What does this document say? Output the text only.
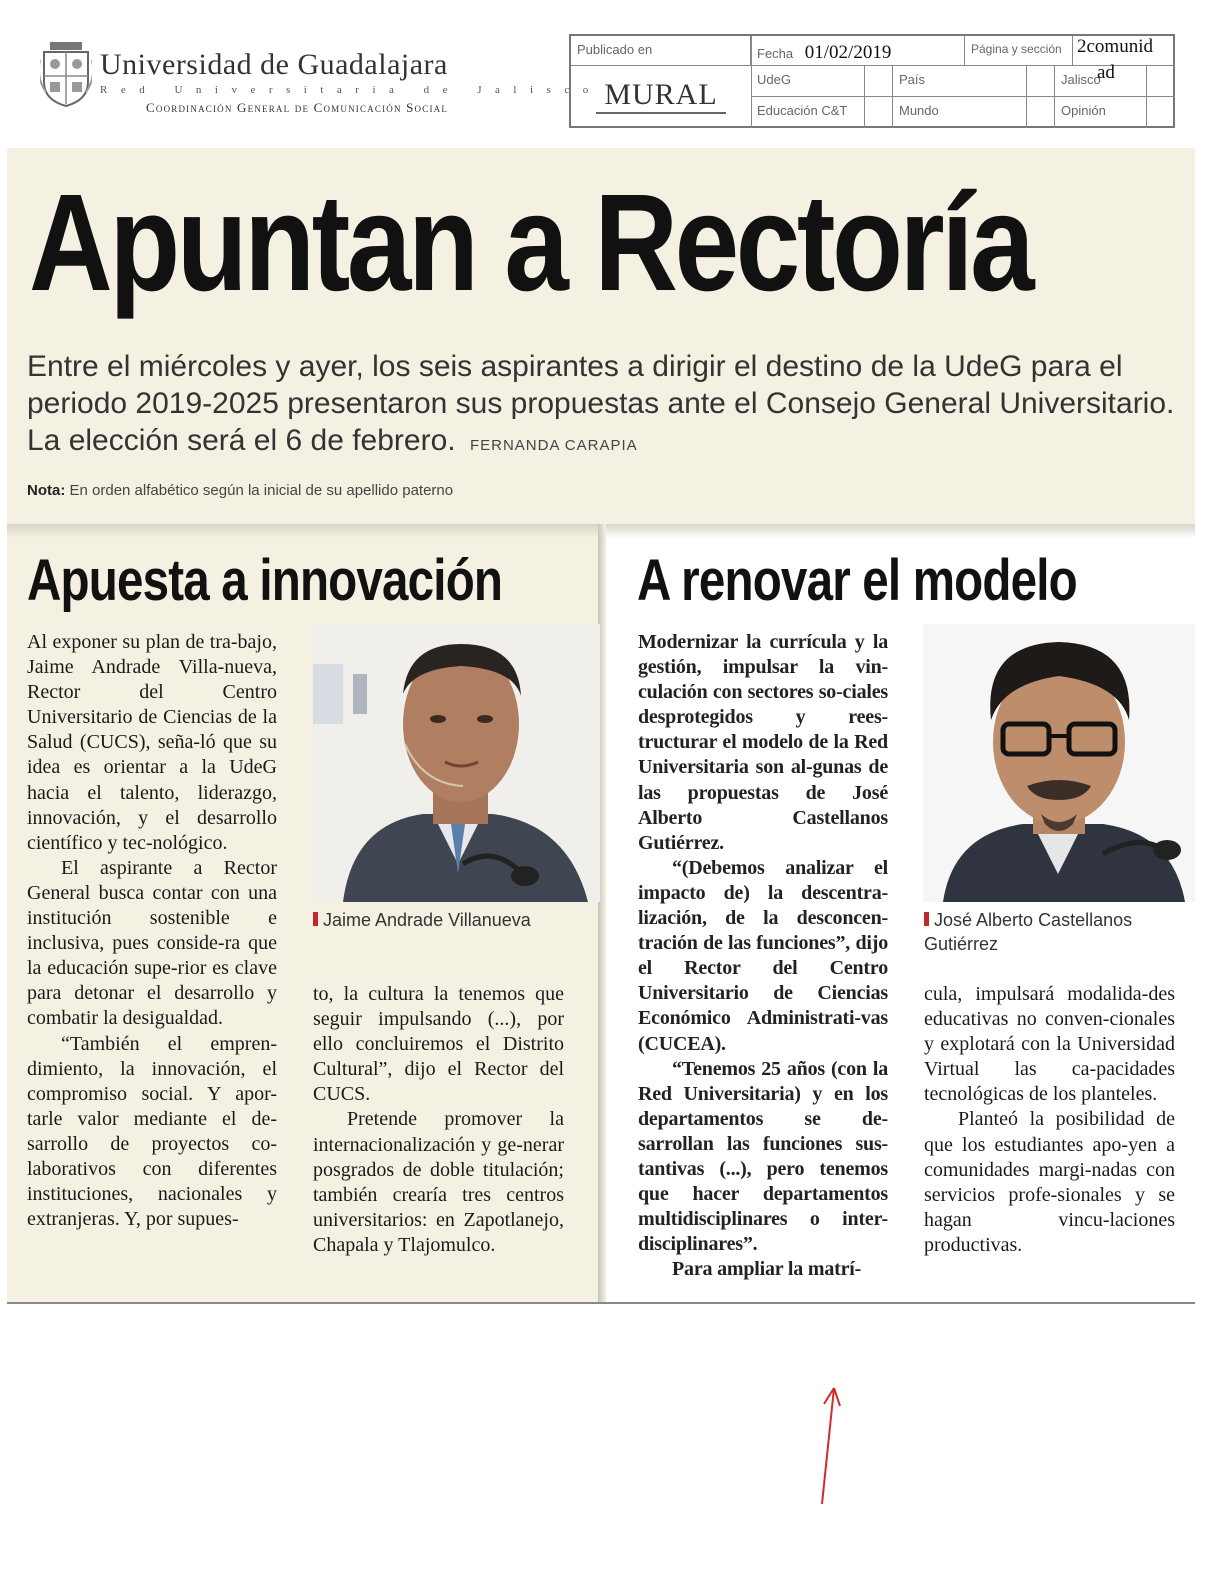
Universidad de Guadalajara
Red Universitaria de Jalisco
Coordinación General de Comunicación Social
Publicado en
MURAL
Fecha 01/02/2019	Página y sección 2comunid
UdeG	País	Jalisco
ad
Educación C&T	Mundo	Opinión
Apuntan a Rectoría

Entre el miércoles y ayer, los seis aspirantes a dirigir el destino de la UdeG para el periodo 2019-2025 presentaron sus propuestas ante el Consejo General Universitario. La elección será el 6 de febrero. FERNANDA CARAPIA

Nota: En orden alfabético según la inicial de su apellido paterno
Apuesta a innovación

Al exponer su plan de tra-bajo, Jaime Andrade Villa-nueva, Rector del Centro Universitario de Ciencias de la Salud (CUCS), seña-ló que su idea es orientar a la UdeG hacia el talento, liderazgo, innovación, y el desarrollo científico y tec-nológico.

El aspirante a Rector General busca contar con una institución sostenible e inclusiva, pues conside-ra que la educación supe-rior es clave para detonar el desarrollo y combatir la desigualdad.

“También el empren-dimiento, la innovación, el compromiso social. Y apor-tarle valor mediante el de-sarrollo de proyectos co-laborativos con diferentes instituciones, nacionales y extranjeras. Y, por supues-

Jaime Andrade Villanueva

to, la cultura la tenemos que seguir impulsando (...), por ello concluiremos el Distrito Cultural”, dijo el Rector del CUCS.

Pretende promover la internacionalización y ge-nerar posgrados de doble titulación; también crearía tres centros universitarios: en Zapotlanejo, Chapala y Tlajomulco.

A renovar el modelo

Modernizar la currícula y la gestión, impulsar la vin-culación con sectores so-ciales desprotegidos y rees-tructurar el modelo de la Red Universitaria son al-gunas de las propuestas de José Alberto Castellanos Gutiérrez.

“(Debemos analizar el impacto de) la descentra-lización, de la desconcen-tración de las funciones”, dijo el Rector del Centro Universitario de Ciencias Económico Administrati-vas (CUCEA).

“Tenemos 25 años (con la Red Universitaria) y en los departamentos se de-sarrollan las funciones sus-tantivas (...), pero tenemos que hacer departamentos multidisciplinares o inter-disciplinares”.

Para ampliar la matrí-

José Alberto Castellanos Gutiérrez

cula, impulsará modalida-des educativas no conven-cionales y explotará con la Universidad Virtual las ca-pacidades tecnológicas de los planteles.

Planteó la posibilidad de que los estudiantes apo-yen a comunidades margi-nadas con servicios profe-sionales y se hagan vincu-laciones productivas.
